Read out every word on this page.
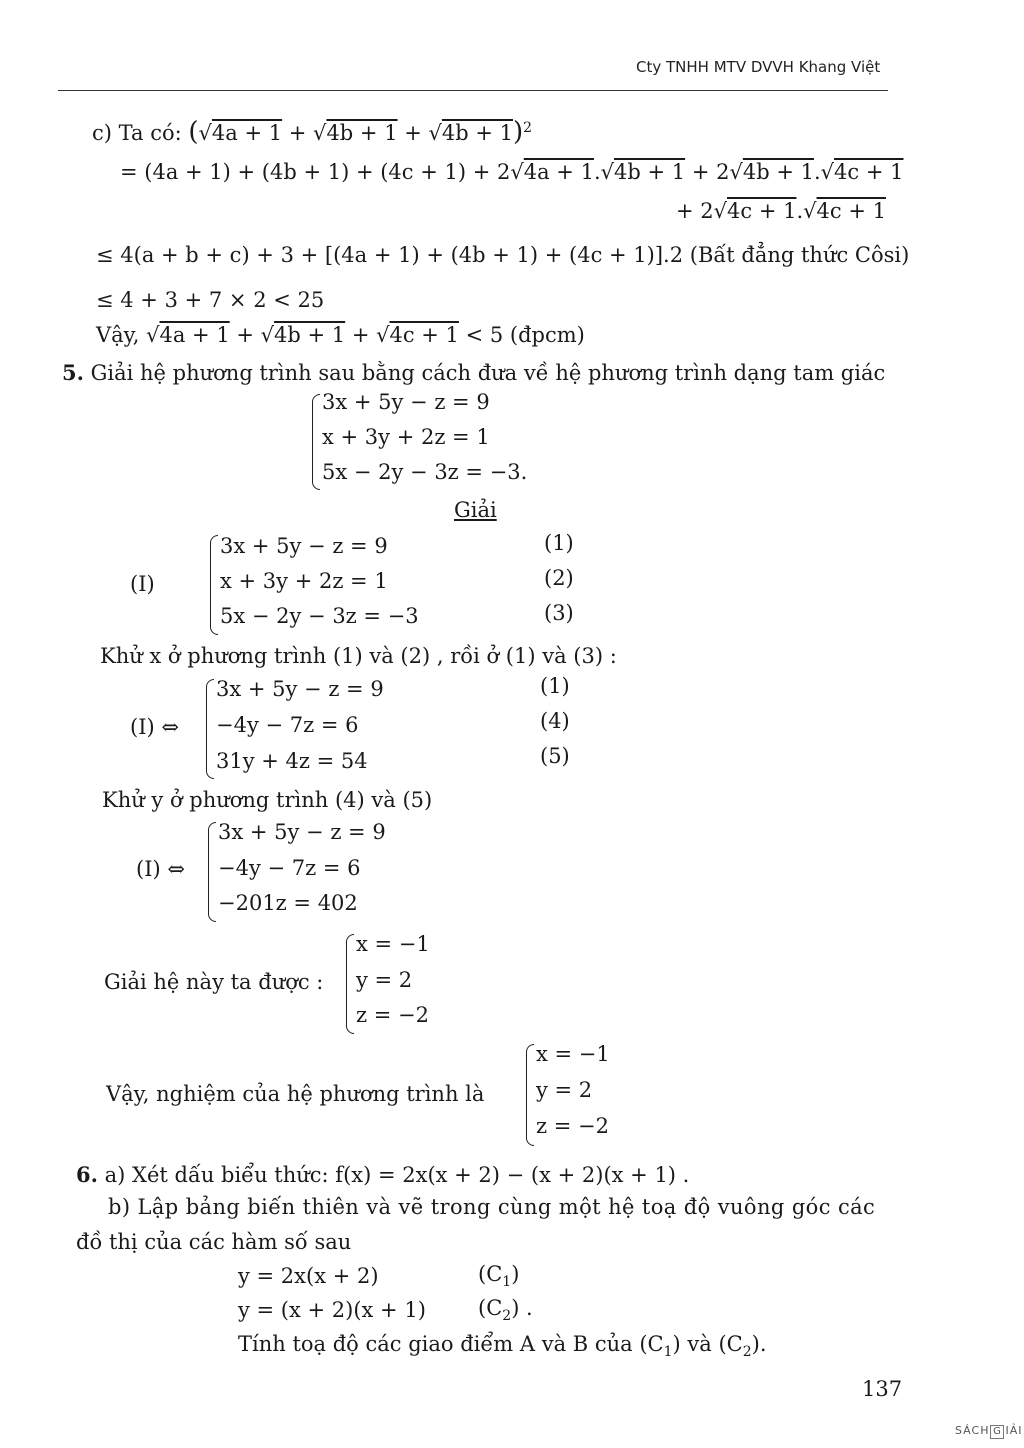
Cty TNHH MTV DVVH Khang Việt
c) Ta có: $(√4a + 1 + √4b + 1 + √4b + 1)^2$
= (4a + 1) + (4b + 1) + (4c + 1) + 2√4a + 1.√4b + 1 + 2√4b + 1.√4c + 1
+ 2√4c + 1.√4c + 1
≤ 4(a + b + c) + 3 + [(4a + 1) + (4b + 1) + (4c + 1)].2 (Bất đẳng thức Côsi)
≤ 4 + 3 + 7 × 2 < 25
Vậy, √4a + 1 + √4b + 1 + √4c + 1 < 5 (đpcm)
5. Giải hệ phương trình sau bằng cách đưa về hệ phương trình dạng tam giác
3x + 5y − z = 9
x + 3y + 2z = 1
5x − 2y − 3z = −3.
Giải
(I)
3x + 5y − z = 9
x + 3y + 2z = 1
5x − 2y − 3z = −3
(1)
(2)
(3)
Khử x ở phương trình (1) và (2) , rồi ở (1) và (3) :
(I) ⇔
3x + 5y − z = 9
−4y − 7z = 6
31y + 4z = 54
(1)
(4)
(5)
Khử y ở phương trình (4) và (5)
(I) ⇔
3x + 5y − z = 9
−4y − 7z = 6
−201z = 402
Giải hệ này ta được :
x = −1
y = 2
z = −2
Vậy, nghiệm của hệ phương trình là
x = −1
y = 2
z = −2
6. a) Xét dấu biểu thức: f(x) = 2x(x + 2) − (x + 2)(x + 1) .
b) Lập bảng biến thiên và vẽ trong cùng một hệ toạ độ vuông góc các
đồ thị của các hàm số sau
y = 2x(x + 2)	$(C_1)$
y = (x + 2)(x + 1) $(C_2)$ .
Tính toạ độ các giao điểm A và B của $(C_1)$ và $(C_2)$.
137
SÁCH G IẢI
